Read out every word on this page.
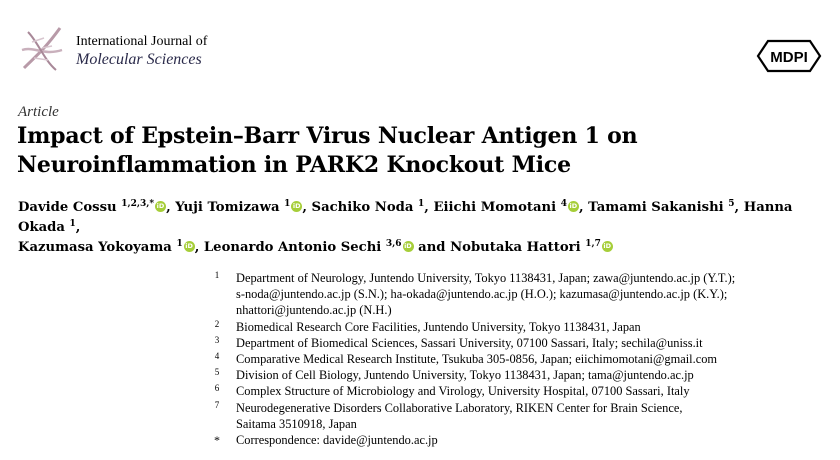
International Journal of
Molecular Sciences	MDPI
Article
Impact of Epstein–Barr Virus Nuclear Antigen 1 on Neuroinflammation in PARK2 Knockout Mice
Davide Cossu $^{1,2,3,*}$ iD , Yuji Tomizawa $^1$ iD , Sachiko Noda $^1$, Eiichi Momotani $^4$ iD , Tamami Sakanishi $^5$, Hanna Okada $^1$,
Kazumasa Yokoyama $^1$ iD , Leonardo Antonio Sechi $^{3,6}$iD and Nobutaka Hattori $^{1,7}$iD
1 Department of Neurology, Juntendo University, Tokyo 1138431, Japan; zawa@juntendo.ac.jp (Y.T.);
s-noda@juntendo.ac.jp (S.N.); ha-okada@juntendo.ac.jp (H.O.); kazumasa@juntendo.ac.jp (K.Y.);
nhattori@juntendo.ac.jp (N.H.)
2 Biomedical Research Core Facilities, Juntendo University, Tokyo 1138431, Japan
3 Department of Biomedical Sciences, Sassari University, 07100 Sassari, Italy; sechila@uniss.it
4 Comparative Medical Research Institute, Tsukuba 305-0856, Japan; eiichimomotani@gmail.com
5 Division of Cell Biology, Juntendo University, Tokyo 1138431, Japan; tama@juntendo.ac.jp
6 Complex Structure of Microbiology and Virology, University Hospital, 07100 Sassari, Italy
7 Neurodegenerative Disorders Collaborative Laboratory, RIKEN Center for Brain Science,
Saitama 3510918, Japan
* Correspondence: davide@juntendo.ac.jp
